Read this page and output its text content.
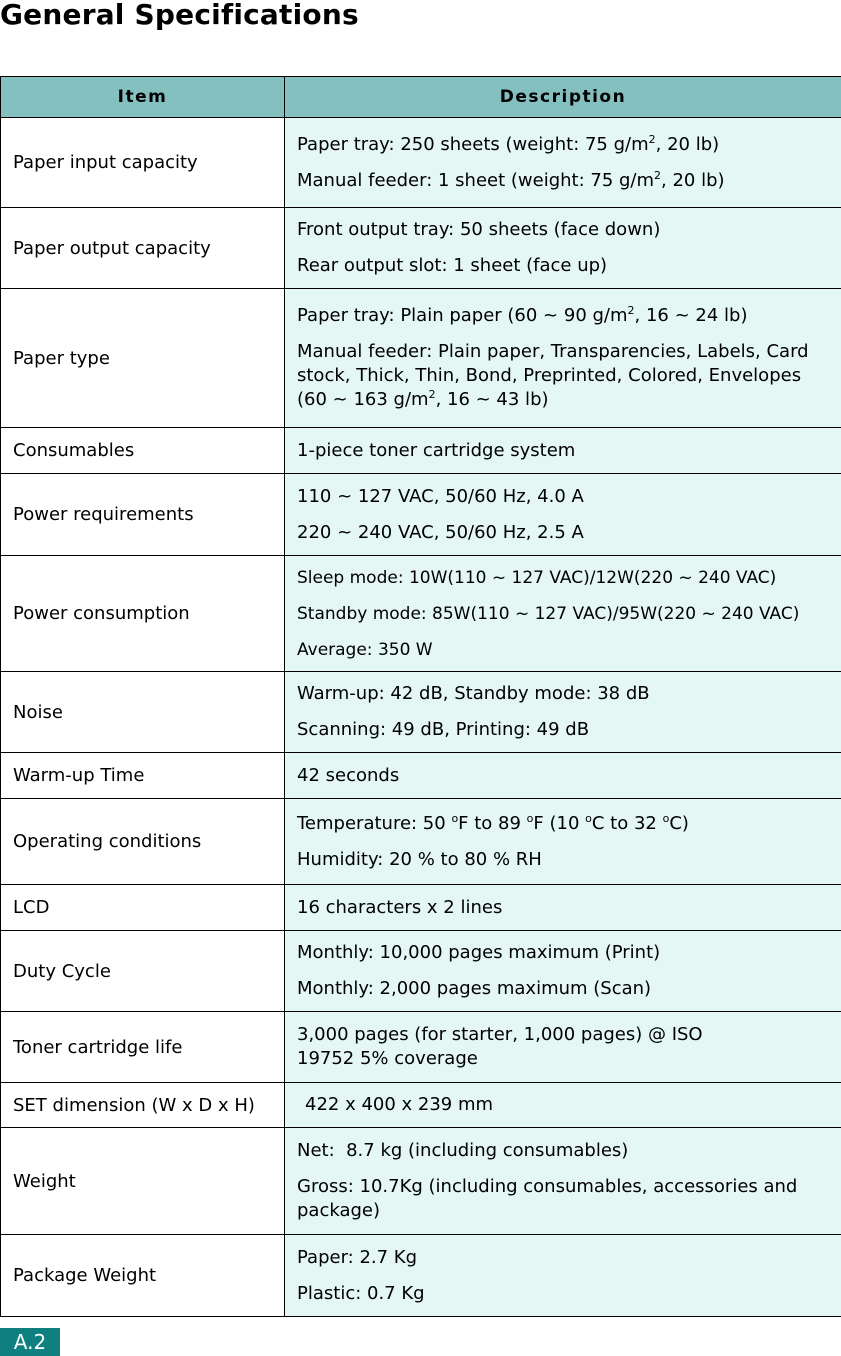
General Specifications
Item	Description
Paper input capacity	Paper tray: 250 sheets (weight: 75 $g/m^2$, 20 lb)
Manual feeder: 1 sheet (weight: 75 $g/m^2$, 20 lb)

Paper output capacity	Front output tray: 50 sheets (face down)
Rear output slot: 1 sheet (face up)

Paper type	Paper tray: Plain paper (60 ~ 90 $g/m^2$, 16 ~ 24 lb)
Manual feeder: Plain paper, Transparencies, Labels, Card stock, Thick, Thin, Bond, Preprinted, Colored, Envelopes (60 ~ 163 $g/m^2$, 16 ~ 43 lb)

Consumables	1-piece toner cartridge system

Power requirements	110 ~ 127 VAC, 50/60 Hz, 4.0 A
220 ~ 240 VAC, 50/60 Hz, 2.5 A

Power consumption	Sleep mode: 10W(110 ~ 127 VAC)/12W(220 ~ 240 VAC)
Standby mode: 85W(110 ~ 127 VAC)/95W(220 ~ 240 VAC)
Average: 350 W

Noise	Warm-up: 42 dB, Standby mode: 38 dB
Scanning: 49 dB, Printing: 49 dB

Warm-up Time	42 seconds

Operating conditions	Temperature: 50 $^o$F to 89 $^o$F (10 $^o$C to 32 $^o$C)
Humidity: 20 % to 80 % RH

LCD	16 characters x 2 lines

Duty Cycle	Monthly: 10,000 pages maximum (Print)
Monthly: 2,000 pages maximum (Scan)

Toner cartridge life	3,000 pages (for starter, 1,000 pages) @ ISO 19752 5% coverage

SET dimension (W x D x H)	422 x 400 x 239 mm

Weight	Net:  8.7 kg (including consumables)
Gross: 10.7Kg (including consumables, accessories and package)

Package Weight	Paper: 2.7 Kg
Plastic: 0.7 Kg
A.2
